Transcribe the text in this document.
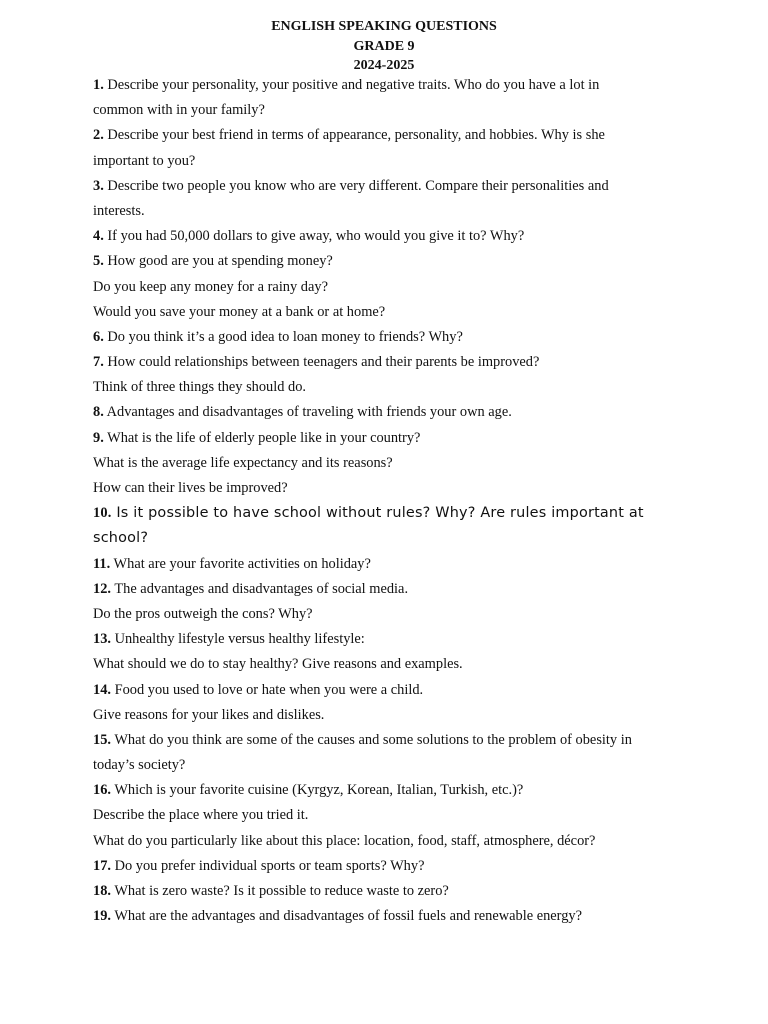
ENGLISH SPEAKING QUESTIONS
GRADE 9
2024-2025
1. Describe your personality, your positive and negative traits. Who do you have a lot in
common with in your family?
2. Describe your best friend in terms of appearance, personality, and hobbies. Why is she
important to you?
3. Describe two people you know who are very different. Compare their personalities and
interests.
4. If you had 50,000 dollars to give away, who would you give it to? Why?
5. How good are you at spending money?
Do you keep any money for a rainy day?
Would you save your money at a bank or at home?
6. Do you think it’s a good idea to loan money to friends? Why?
7. How could relationships between teenagers and their parents be improved?
Think of three things they should do.
8. Advantages and disadvantages of traveling with friends your own age.
9. What is the life of elderly people like in your country?
What is the average life expectancy and its reasons?
How can their lives be improved?
10. Is it possible to have school without rules? Why? Are rules important at
school?
11. What are your favorite activities on holiday?
12. The advantages and disadvantages of social media.
Do the pros outweigh the cons? Why?
13. Unhealthy lifestyle versus healthy lifestyle:
What should we do to stay healthy? Give reasons and examples.
14. Food you used to love or hate when you were a child.
Give reasons for your likes and dislikes.
15. What do you think are some of the causes and some solutions to the problem of obesity in
today’s society?
16. Which is your favorite cuisine (Kyrgyz, Korean, Italian, Turkish, etc.)?
Describe the place where you tried it.
What do you particularly like about this place: location, food, staff, atmosphere, décor?
17. Do you prefer individual sports or team sports? Why?
18. What is zero waste? Is it possible to reduce waste to zero?
19. What are the advantages and disadvantages of fossil fuels and renewable energy?
